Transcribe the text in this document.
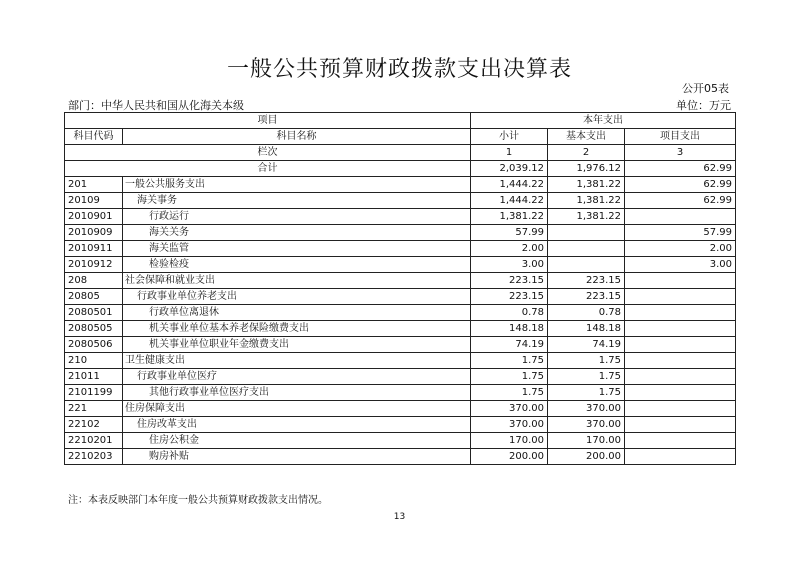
一般公共预算财政拨款支出决算表
公开05表
部门：中华人民共和国从化海关本级	单位：万元
项目		本年支出		
科目代码	科目名称	小计	基本支出	项目支出
栏次		1	2	3
合计		2,039.12	1,976.12	62.99
201	一般公共服务支出	1,444.22	1,381.22	62.99
20109	海关事务	1,444.22	1,381.22	62.99
2010901	行政运行	1,381.22	1,381.22	
2010909	海关关务	57.99		57.99
2010911	海关监管	2.00		2.00
2010912	检验检疫	3.00		3.00
208	社会保障和就业支出	223.15	223.15	
20805	行政事业单位养老支出	223.15	223.15	
2080501	行政单位离退休	0.78	0.78	
2080505	机关事业单位基本养老保险缴费支出	148.18	148.18	
2080506	机关事业单位职业年金缴费支出	74.19	74.19	
210	卫生健康支出	1.75	1.75	
21011	行政事业单位医疗	1.75	1.75	
2101199	其他行政事业单位医疗支出	1.75	1.75	
221	住房保障支出	370.00	370.00	
22102	住房改革支出	370.00	370.00	
2210201	住房公积金	170.00	170.00	
2210203	购房补贴	200.00	200.00	
注：本表反映部门本年度一般公共预算财政拨款支出情况。
13
